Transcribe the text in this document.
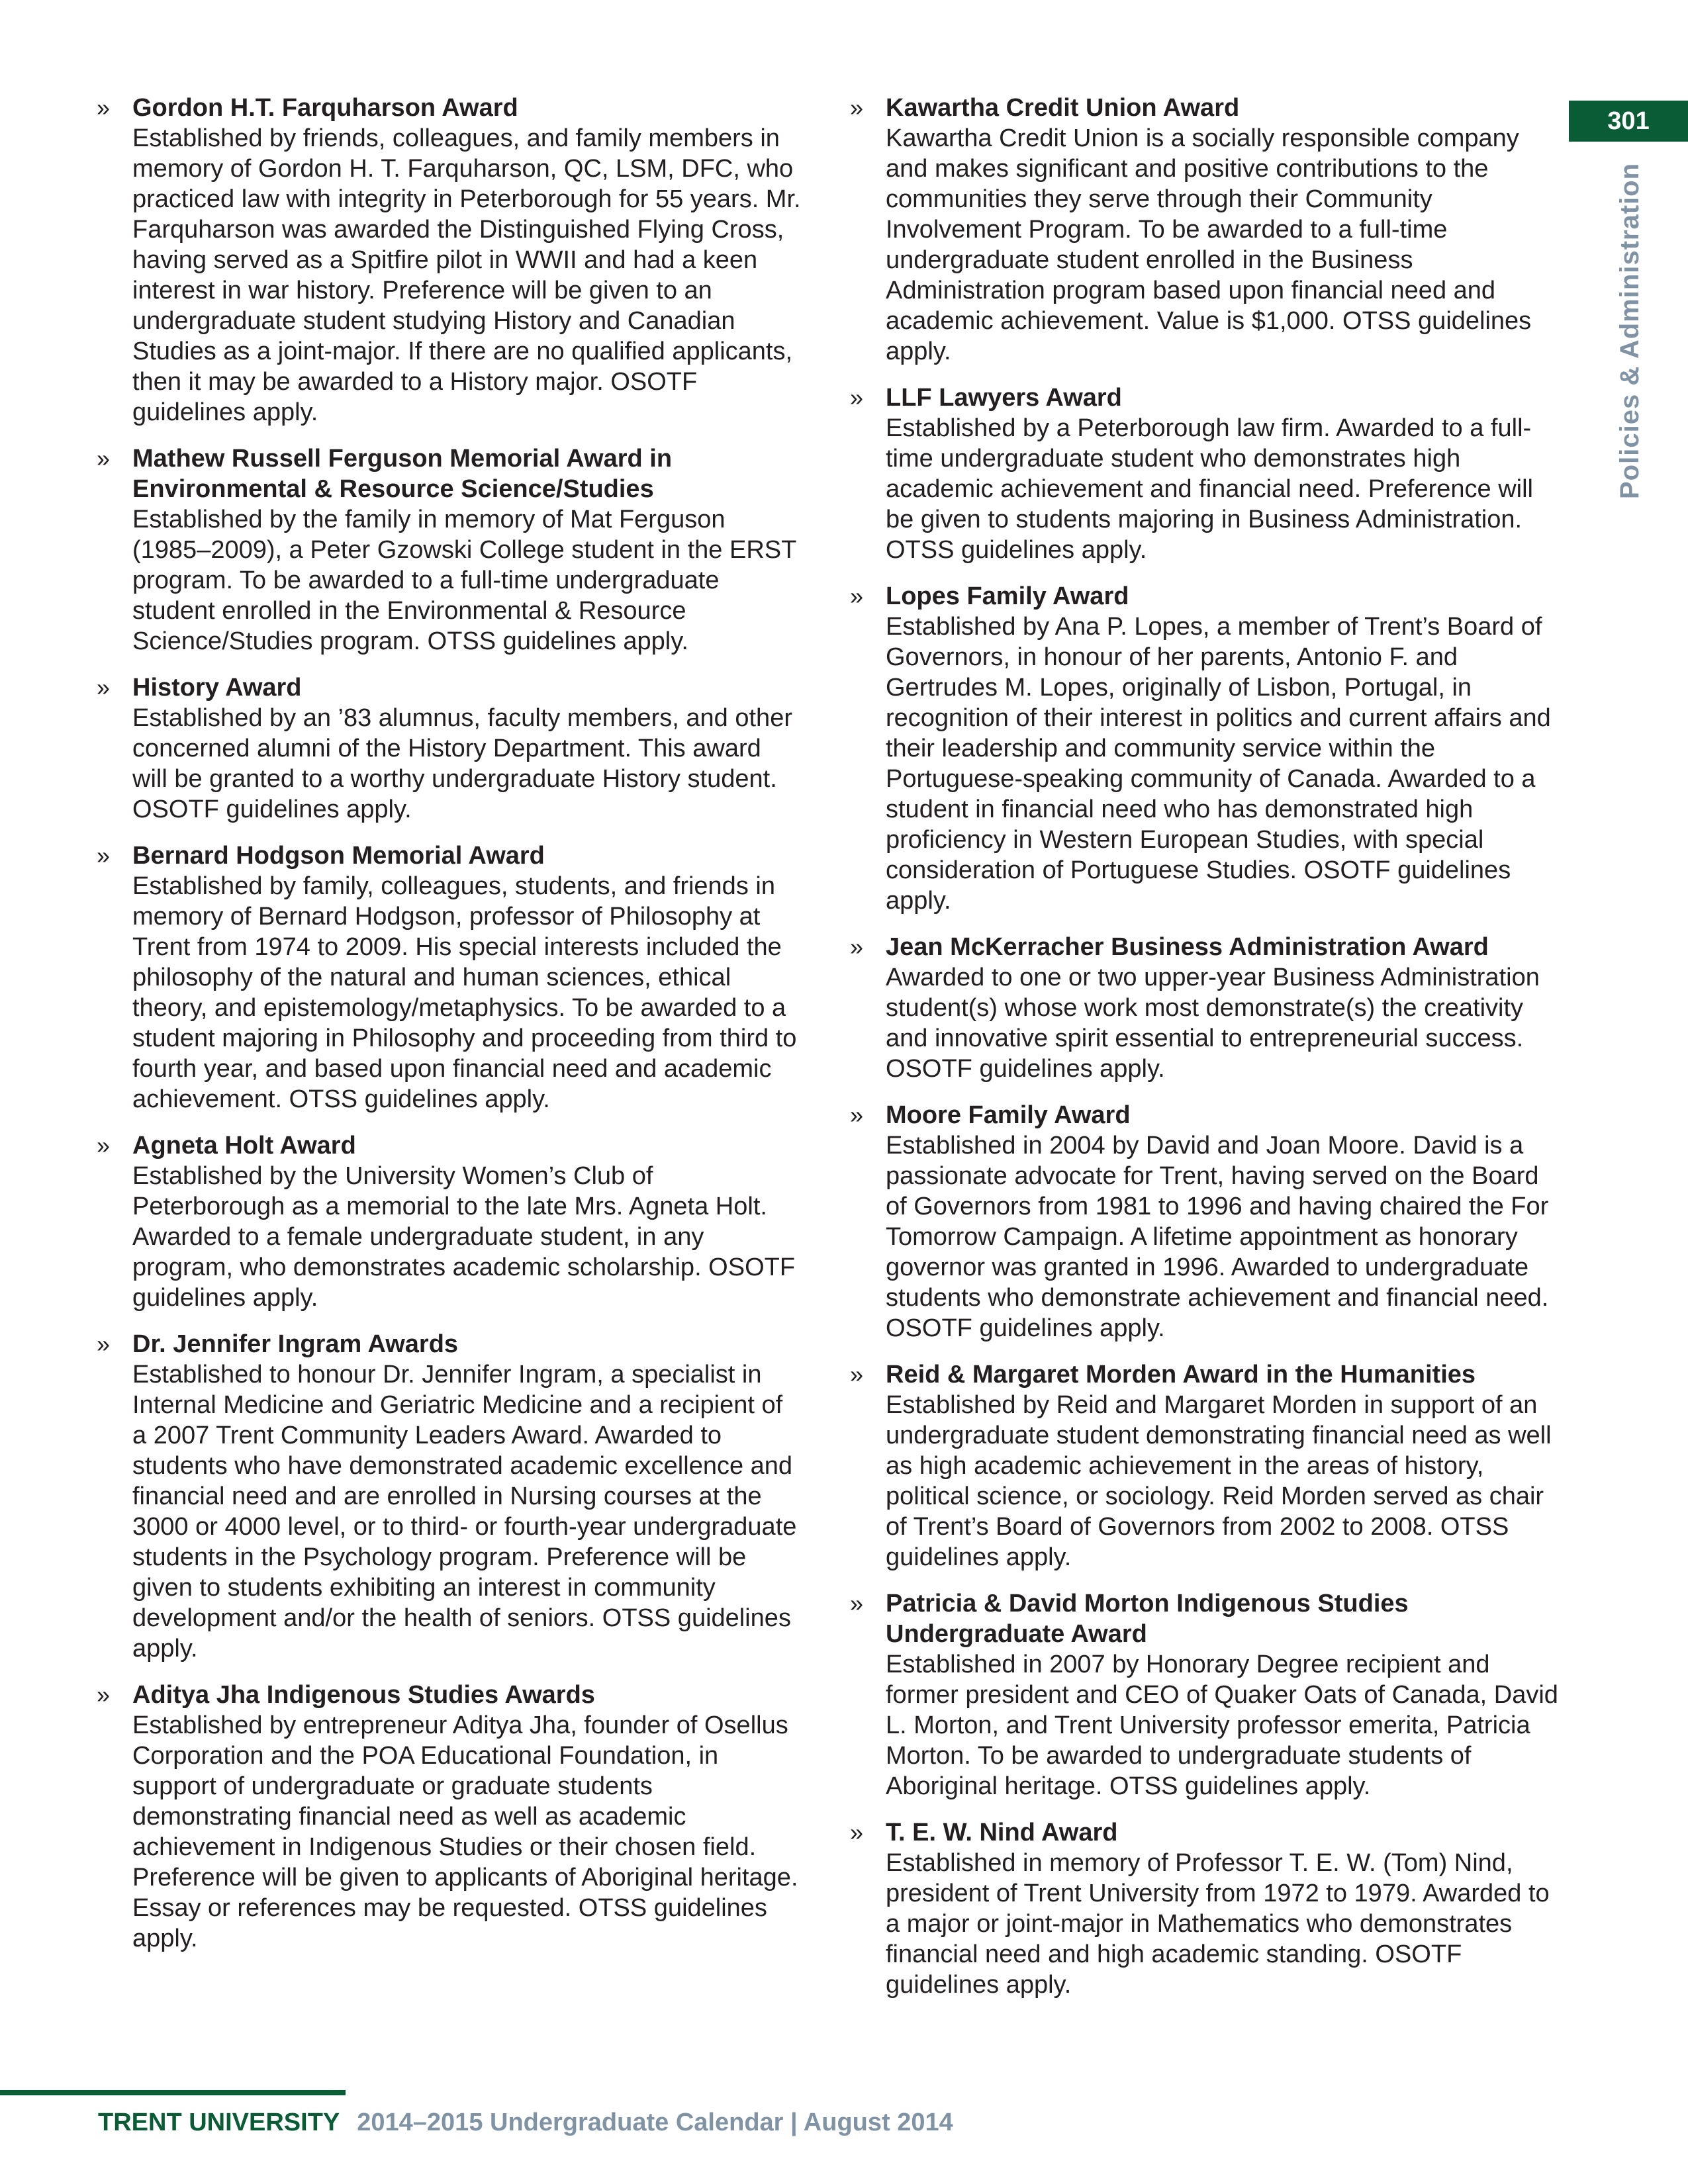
301
Policies & Administration
» Gordon H.T. Farquharson Award

Established by friends, colleagues, and family members in memory of Gordon H. T. Farquharson, QC, LSM, DFC, who practiced law with integrity in Peterborough for 55 years. Mr. Farquharson was awarded the Distinguished Flying Cross, having served as a Spitfire pilot in WWII and had a keen interest in war history. Preference will be given to an undergraduate student studying History and Canadian Studies as a joint-major. If there are no qualified applicants, then it may be awarded to a History major. OSOTF guidelines apply.

» Mathew Russell Ferguson Memorial Award in Environmental & Resource Science/Studies

Established by the family in memory of Mat Ferguson (1985–2009), a Peter Gzowski College student in the ERST program. To be awarded to a full-time undergraduate student enrolled in the Environmental & Resource Science/Studies program. OTSS guidelines apply.

» History Award

Established by an ’83 alumnus, faculty members, and other concerned alumni of the History Department. This award will be granted to a worthy undergraduate History student. OSOTF guidelines apply.

» Bernard Hodgson Memorial Award

Established by family, colleagues, students, and friends in memory of Bernard Hodgson, professor of Philosophy at Trent from 1974 to 2009. His special interests included the philosophy of the natural and human sciences, ethical theory, and epistemology/metaphysics. To be awarded to a student majoring in Philosophy and proceeding from third to fourth year, and based upon financial need and academic achievement. OTSS guidelines apply.

» Agneta Holt Award

Established by the University Women’s Club of Peterborough as a memorial to the late Mrs. Agneta Holt. Awarded to a female undergraduate student, in any program, who demonstrates academic scholarship. OSOTF guidelines apply.

» Dr. Jennifer Ingram Awards

Established to honour Dr. Jennifer Ingram, a specialist in Internal Medicine and Geriatric Medicine and a recipient of a 2007 Trent Community Leaders Award. Awarded to students who have demonstrated academic excellence and financial need and are enrolled in Nursing courses at the 3000 or 4000 level, or to third- or fourth-year undergraduate students in the Psychology program. Preference will be given to students exhibiting an interest in community development and/or the health of seniors. OTSS guidelines apply.

» Aditya Jha Indigenous Studies Awards

Established by entrepreneur Aditya Jha, founder of Osellus Corporation and the POA Educational Foundation, in support of undergraduate or graduate students demonstrating financial need as well as academic achievement in Indigenous Studies or their chosen field. Preference will be given to applicants of Aboriginal heritage. Essay or references may be requested. OTSS guidelines apply.

» Kawartha Credit Union Award

Kawartha Credit Union is a socially responsible company and makes significant and positive contributions to the communities they serve through their Community Involvement Program. To be awarded to a full-time undergraduate student enrolled in the Business Administration program based upon financial need and academic achievement. Value is $1,000. OTSS guidelines apply.

» LLF Lawyers Award

Established by a Peterborough law firm. Awarded to a full-time undergraduate student who demonstrates high academic achievement and financial need. Preference will be given to students majoring in Business Administration. OTSS guidelines apply.

» Lopes Family Award

Established by Ana P. Lopes, a member of Trent’s Board of Governors, in honour of her parents, Antonio F. and Gertrudes M. Lopes, originally of Lisbon, Portugal, in recognition of their interest in politics and current affairs and their leadership and community service within the Portuguese-speaking community of Canada. Awarded to a student in financial need who has demonstrated high proficiency in Western European Studies, with special consideration of Portuguese Studies. OSOTF guidelines apply.

» Jean McKerracher Business Administration Award

Awarded to one or two upper-year Business Administration student(s) whose work most demonstrate(s) the creativity and innovative spirit essential to entrepreneurial success. OSOTF guidelines apply.

» Moore Family Award

Established in 2004 by David and Joan Moore. David is a passionate advocate for Trent, having served on the Board of Governors from 1981 to 1996 and having chaired the For Tomorrow Campaign. A lifetime appointment as honorary governor was granted in 1996. Awarded to undergraduate students who demonstrate achievement and financial need. OSOTF guidelines apply.

» Reid & Margaret Morden Award in the Humanities

Established by Reid and Margaret Morden in support of an undergraduate student demonstrating financial need as well as high academic achievement in the areas of history, political science, or sociology. Reid Morden served as chair of Trent’s Board of Governors from 2002 to 2008. OTSS guidelines apply.

» Patricia & David Morton Indigenous Studies Undergraduate Award

Established in 2007 by Honorary Degree recipient and former president and CEO of Quaker Oats of Canada, David L. Morton, and Trent University professor emerita, Patricia Morton. To be awarded to undergraduate students of Aboriginal heritage. OTSS guidelines apply.

» T. E. W. Nind Award

Established in memory of Professor T. E. W. (Tom) Nind, president of Trent University from 1972 to 1979. Awarded to a major or joint-major in Mathematics who demonstrates financial need and high academic standing. OSOTF guidelines apply.

TRENT UNIVERSITY 2014–2015 Undergraduate Calendar | August 2014
